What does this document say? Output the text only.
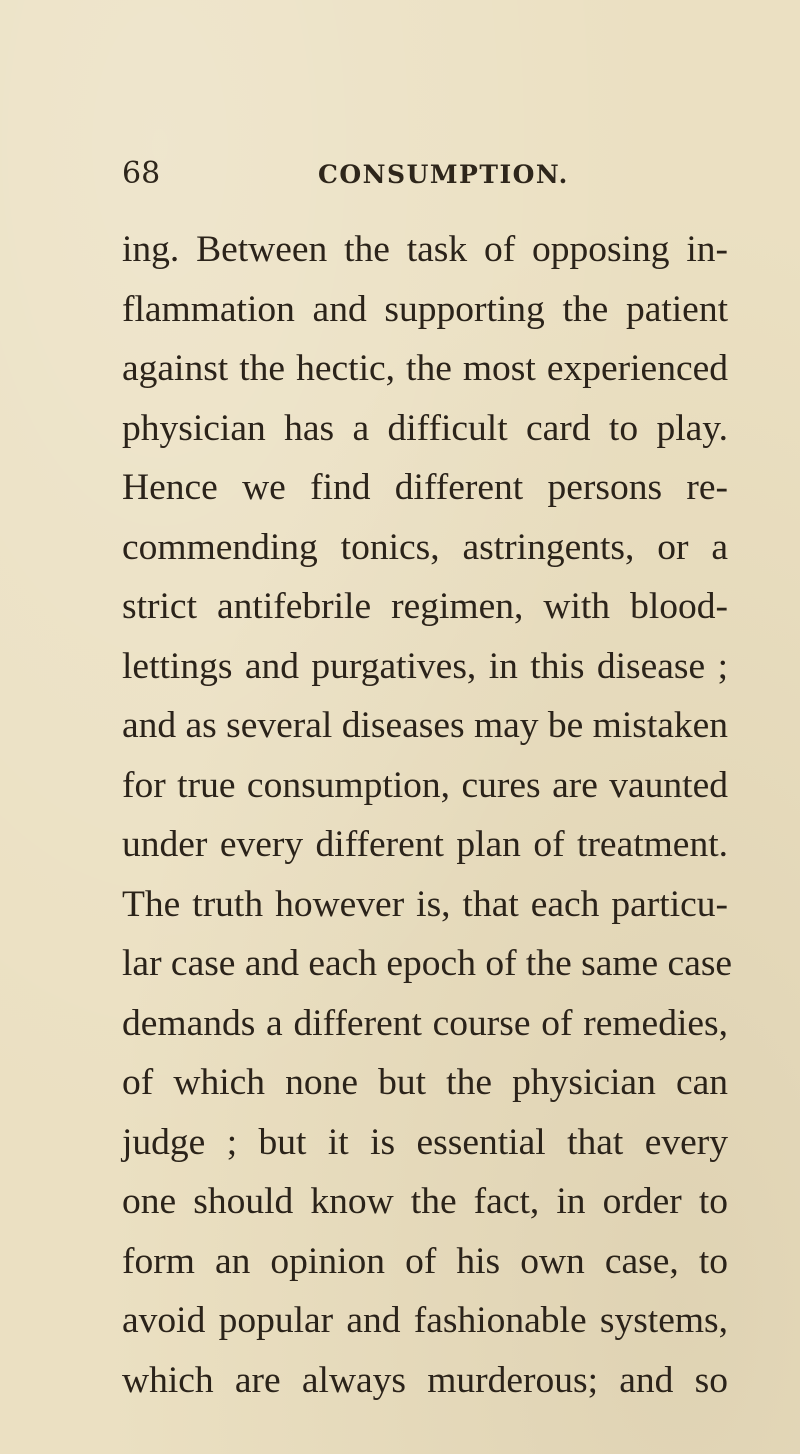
68	CONSUMPTION.
ing. Between the task of opposing in-
flammation and supporting the patient
against the hectic, the most experienced
physician has a difficult card to play.
Hence we find different persons re-
commending tonics, astringents, or a
strict antifebrile regimen, with blood-
lettings and purgatives, in this disease ;
and as several diseases may be mistaken
for true consumption, cures are vaunted
under every different plan of treatment.
The truth however is, that each particu-
lar case and each epoch of the same case
demands a different course of remedies,
of which none but the physician can
judge ; but it is essential that every
one should know the fact, in order to
form an opinion of his own case, to
avoid popular and fashionable systems,
which are always murderous; and so
